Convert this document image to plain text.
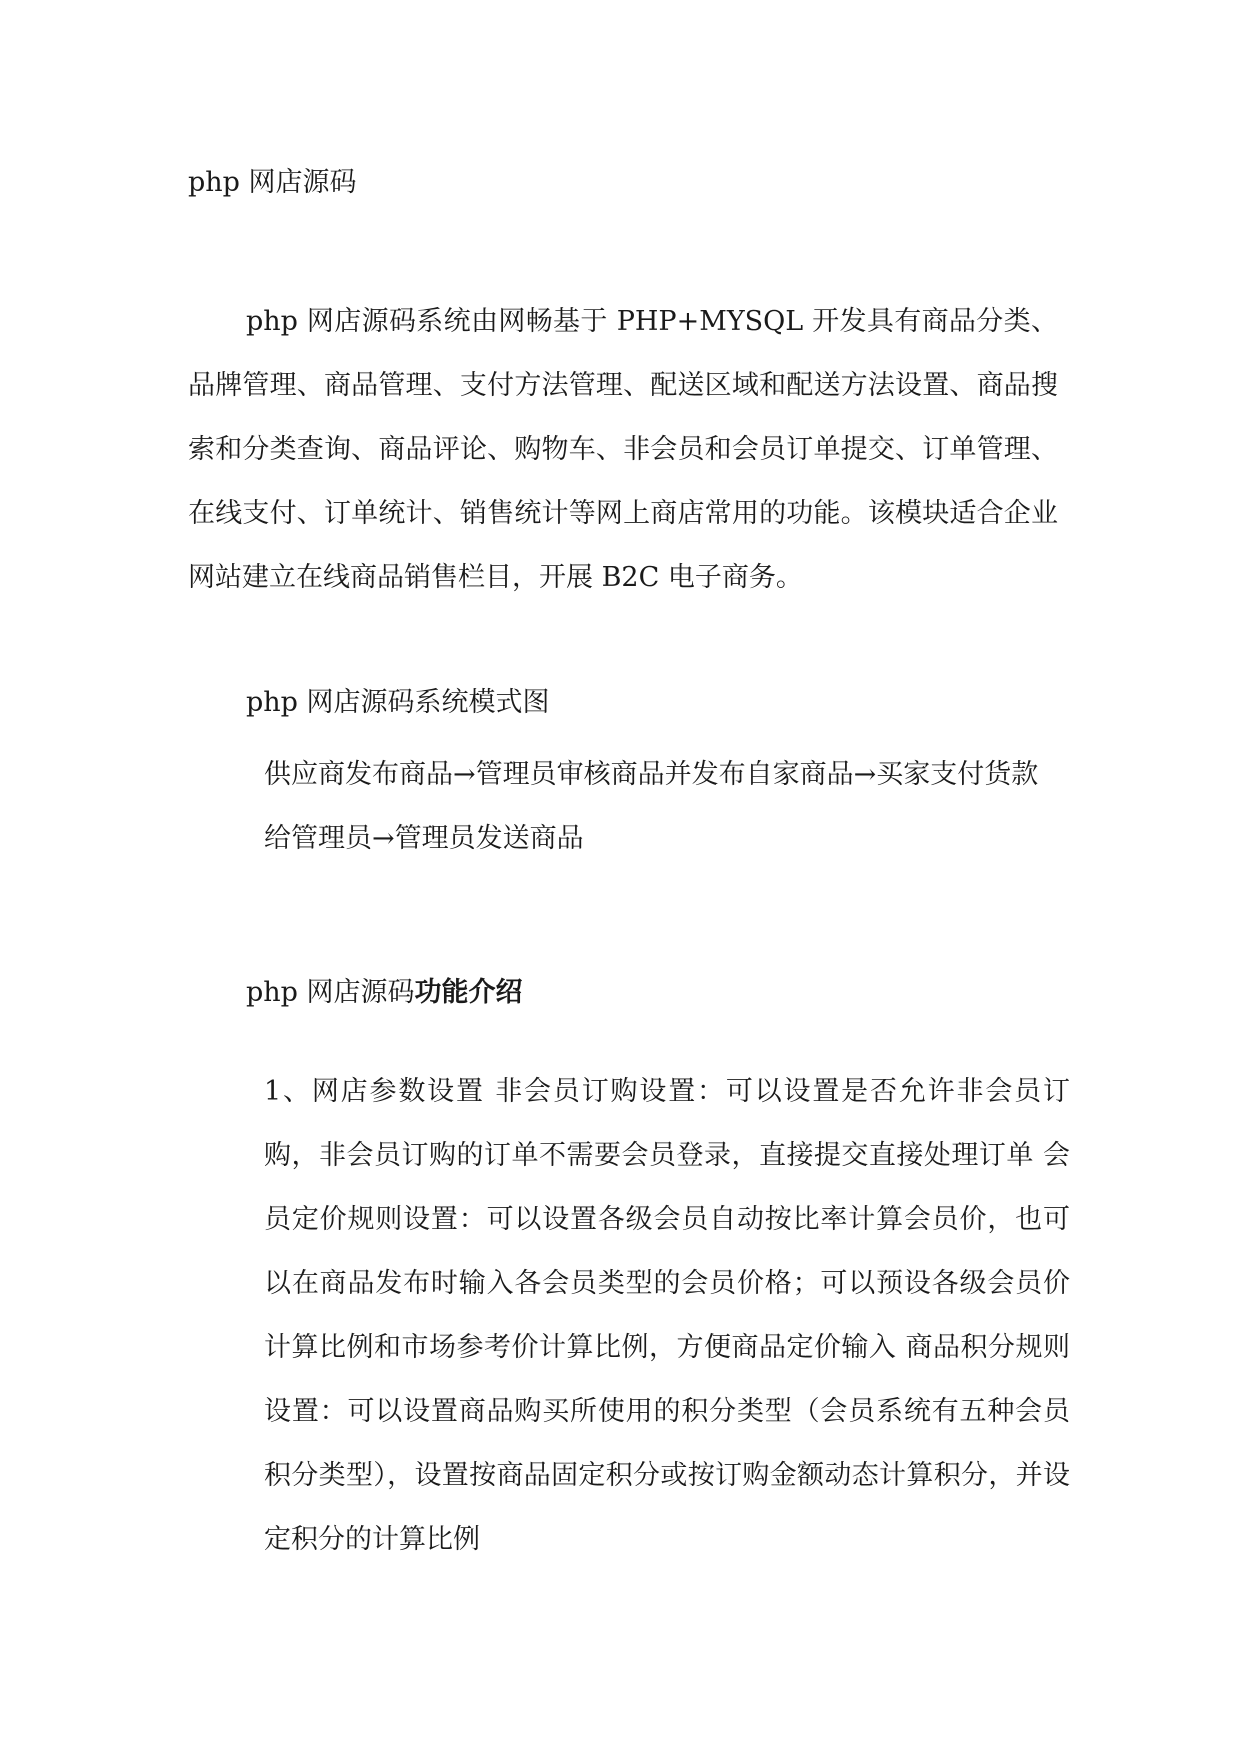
php 网店源码
php 网店源码系统由网畅基于 PHP+MYSQL 开发具有商品分类、品牌管理、商品管理、支付方法管理、配送区域和配送方法设置、商品搜索和分类查询、商品评论、购物车、非会员和会员订单提交、订单管理、在线支付、订单统计、销售统计等网上商店常用的功能。该模块适合企业网站建立在线商品销售栏目，开展 B2C 电子商务。
php 网店源码系统模式图
供应商发布商品→管理员审核商品并发布自家商品→买家支付货款给管理员→管理员发送商品
php 网店源码功能介绍
1、网店参数设置 非会员订购设置：可以设置是否允许非会员订购，非会员订购的订单不需要会员登录，直接提交直接处理订单 会员定价规则设置：可以设置各级会员自动按比率计算会员价，也可以在商品发布时输入各会员类型的会员价格；可以预设各级会员价计算比例和市场参考价计算比例，方便商品定价输入 商品积分规则设置：可以设置商品购买所使用的积分类型（会员系统有五种会员积分类型），设置按商品固定积分或按订购金额动态计算积分，并设定积分的计算比例
